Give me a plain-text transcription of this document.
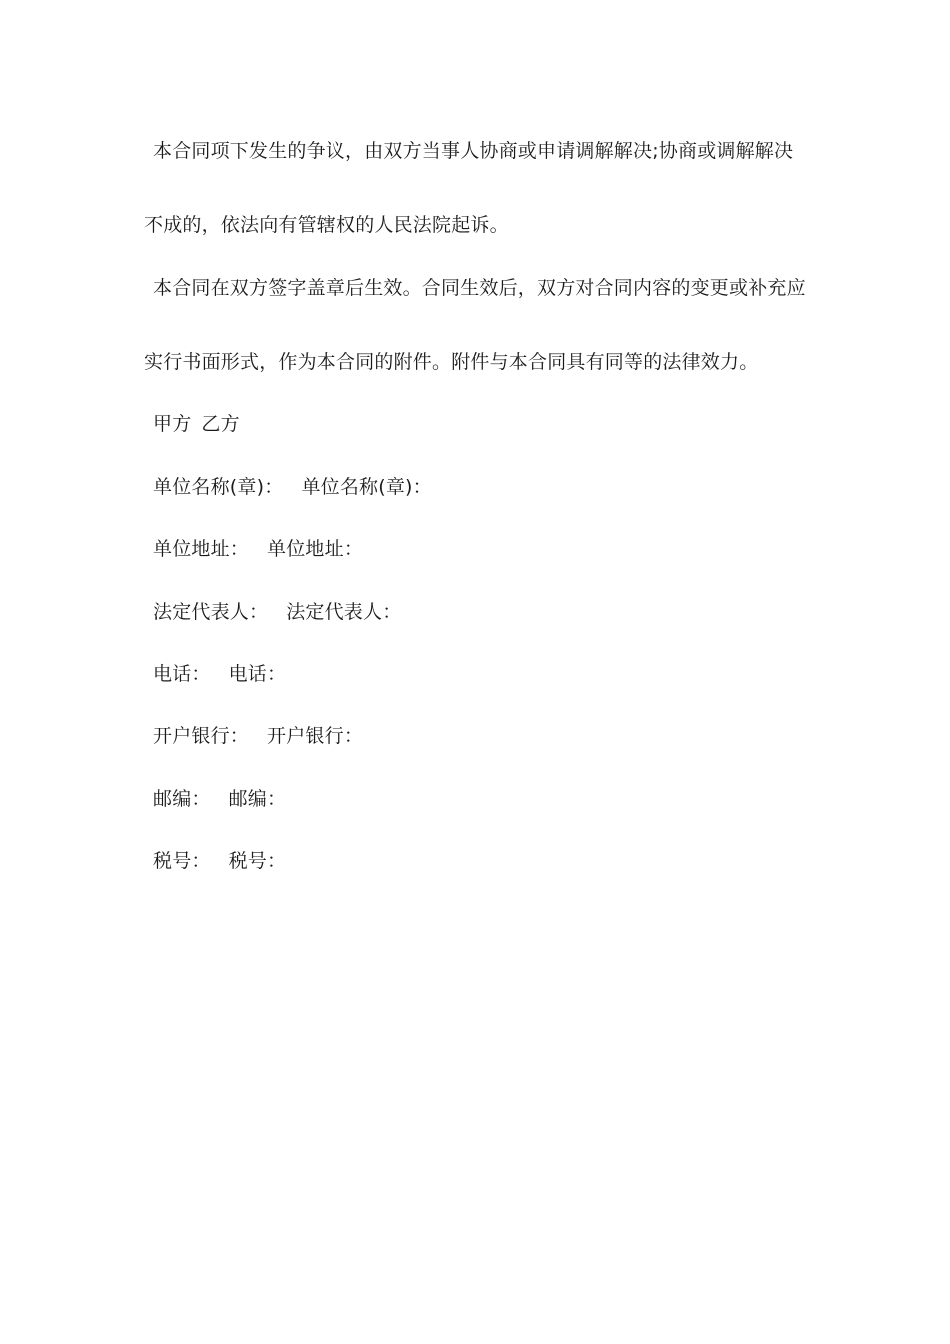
本合同项下发生的争议，由双方当事人协商或申请调解解决;协商或调解解决
不成的，依法向有管辖权的人民法院起诉。
本合同在双方签字盖章后生效。合同生效后，双方对合同内容的变更或补充应
实行书面形式，作为本合同的附件。附件与本合同具有同等的法律效力。
甲方 乙方
单位名称(章)： 单位名称(章)：
单位地址： 单位地址：
法定代表人： 法定代表人：
电话： 电话：
开户银行： 开户银行：
邮编： 邮编：
税号： 税号：
